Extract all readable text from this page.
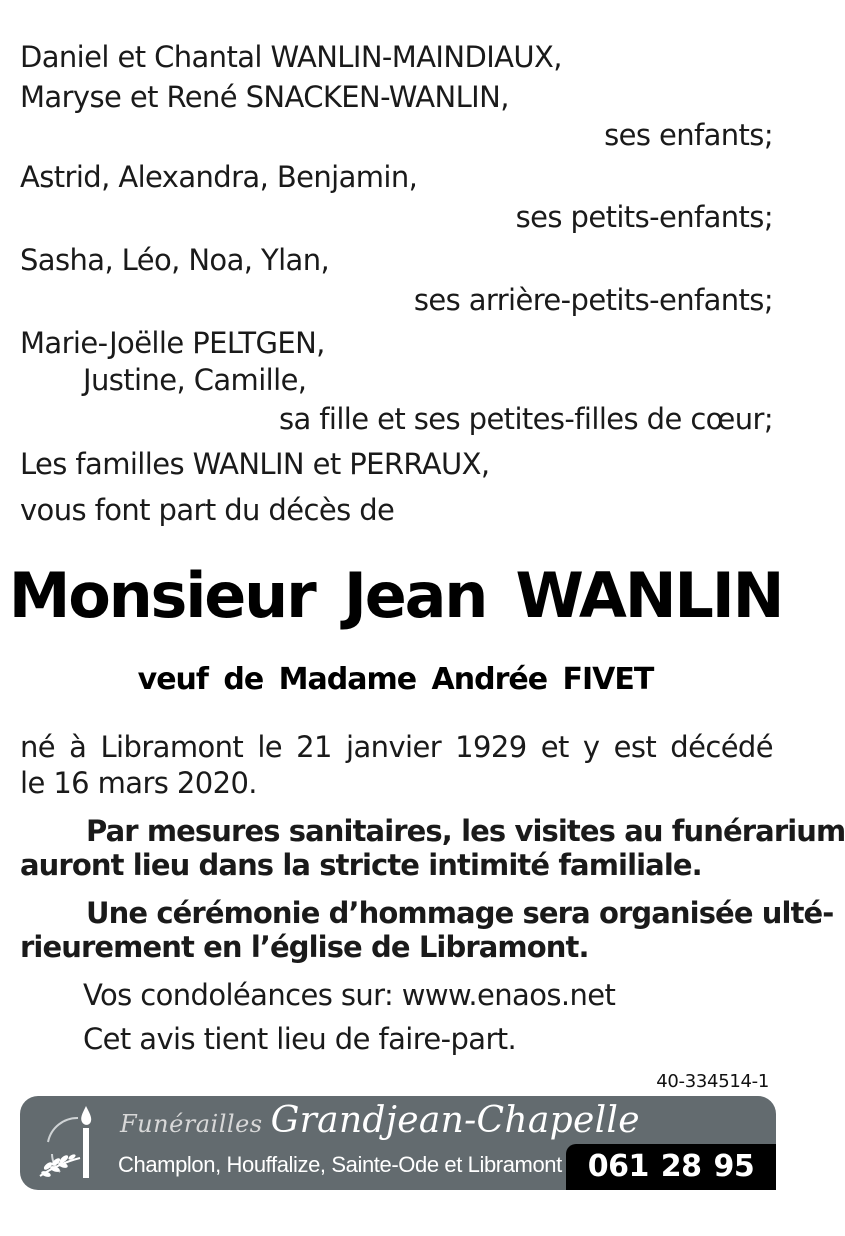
Daniel et Chantal WANLIN-MAINDIAUX,
Maryse et René SNACKEN-WANLIN,
ses enfants;
Astrid, Alexandra, Benjamin,
ses petits-enfants;
Sasha, Léo, Noa, Ylan,
ses arrière-petits-enfants;
Marie-Joëlle PELTGEN,
Justine, Camille,
sa fille et ses petites-filles de cœur;
Les familles WANLIN et PERRAUX,
vous font part du décès de
Monsieur Jean WANLIN
veuf de Madame Andrée FIVET
né à Libramont le 21 janvier 1929 et y est décédé
le 16 mars 2020.
Par mesures sanitaires, les visites au funérarium
auront lieu dans la stricte intimité familiale.
Une cérémonie d’hommage sera organisée ulté-
rieurement en l’église de Libramont.
Vos condoléances sur: www.enaos.net
Cet avis tient lieu de faire-part.
40-334514-1
Funérailles Grandjean-Chapelle
Champlon, Houffalize, Sainte-Ode et Libramont 061 28 95 43
